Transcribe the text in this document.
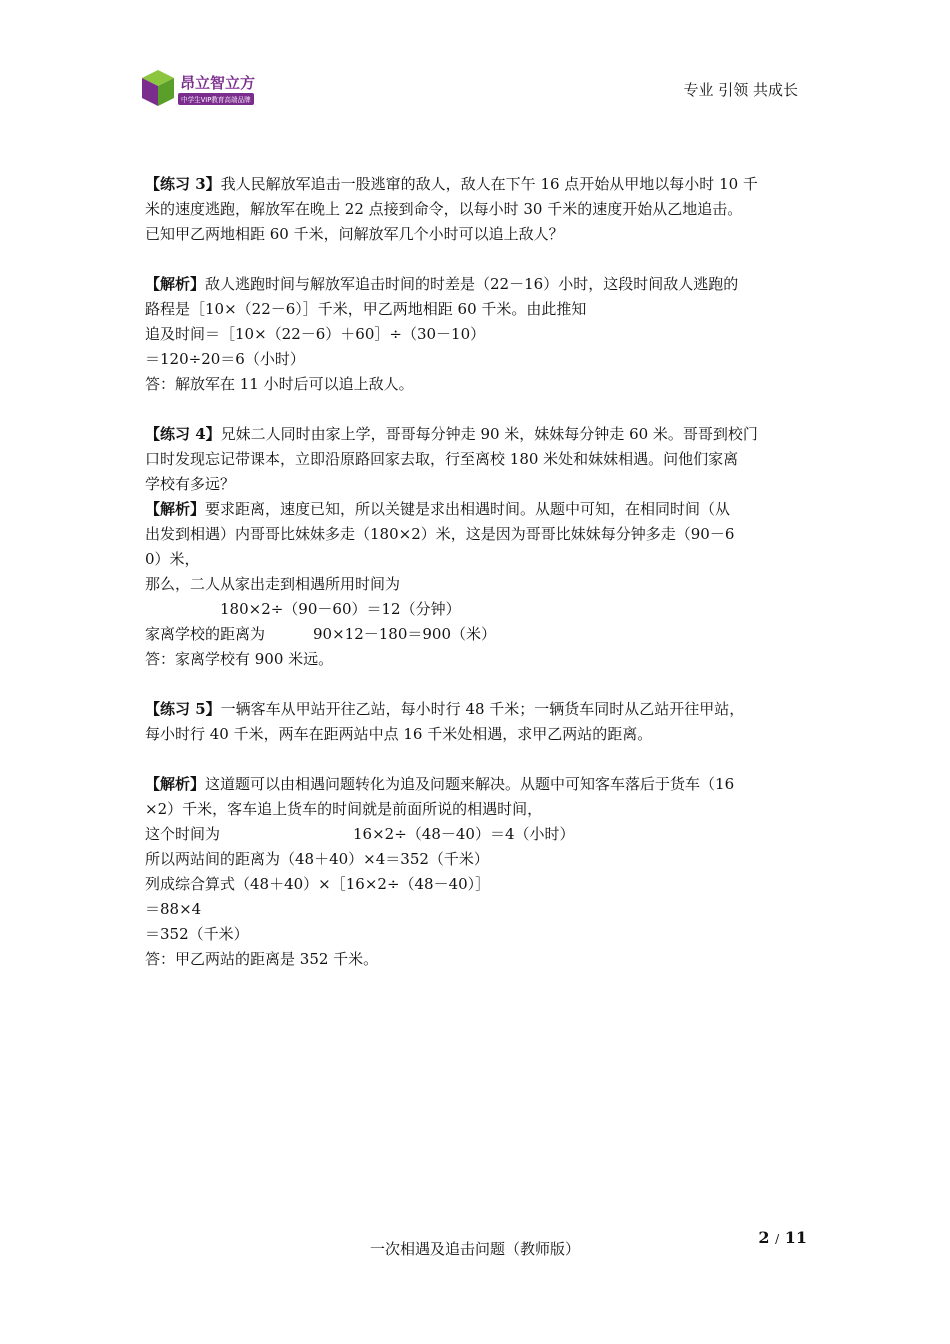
昂立智立方
中学生VIP教育高端品牌
专业 引领 共成长

【练习 3】我人民解放军追击一股逃窜的敌人，敌人在下午 16 点开始从甲地以每小时 10 千

米的速度逃跑，解放军在晚上 22 点接到命令，以每小时 30 千米的速度开始从乙地追击。

已知甲乙两地相距 60 千米，问解放军几个小时可以追上敌人？

【解析】敌人逃跑时间与解放军追击时间的时差是（22－16）小时，这段时间敌人逃跑的

路程是［10×（22－6）］千米，甲乙两地相距 60 千米。由此推知

追及时间＝［10×（22－6）＋60］÷（30－10）

＝120÷20＝6（小时）

答：解放军在 11 小时后可以追上敌人。

【练习 4】兄妹二人同时由家上学，哥哥每分钟走 90 米，妹妹每分钟走 60 米。哥哥到校门

口时发现忘记带课本，立即沿原路回家去取，行至离校 180 米处和妹妹相遇。问他们家离

学校有多远？

【解析】要求距离，速度已知，所以关键是求出相遇时间。从题中可知，在相同时间（从

出发到相遇）内哥哥比妹妹多走（180×2）米，这是因为哥哥比妹妹每分钟多走（90－6

0）米，

那么，二人从家出走到相遇所用时间为

180×2÷（90－60）＝12（分钟）

家离学校的距离为	90×12－180＝900（米）

答：家离学校有 900 米远。

【练习 5】一辆客车从甲站开往乙站，每小时行 48 千米；一辆货车同时从乙站开往甲站，

每小时行 40 千米，两车在距两站中点 16 千米处相遇，求甲乙两站的距离。

【解析】这道题可以由相遇问题转化为追及问题来解决。从题中可知客车落后于货车（16

×2）千米，客车追上货车的时间就是前面所说的相遇时间，

这个时间为	16×2÷（48－40）＝4（小时）

所以两站间的距离为（48＋40）×4＝352（千米）

列成综合算式（48＋40）×［16×2÷（48－40）］

＝88×4

＝352（千米）

答：甲乙两站的距离是 352 千米。

一次相遇及追击问题（教师版）
2 / 11
